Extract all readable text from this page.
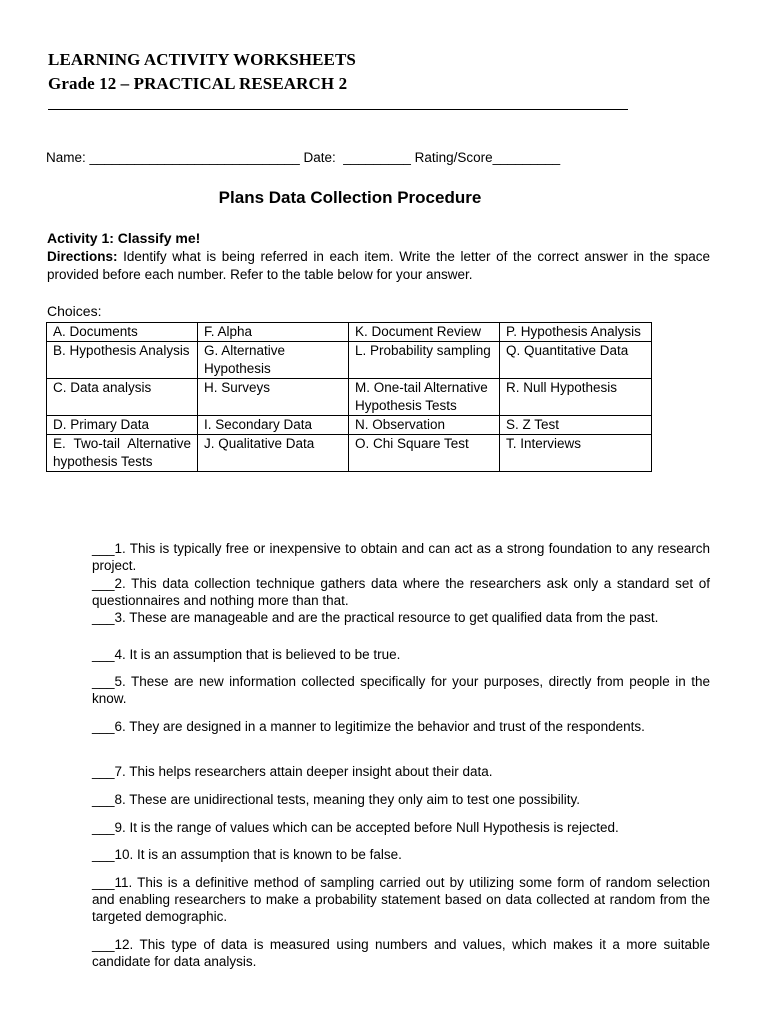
LEARNING ACTIVITY WORKSHEETS
Grade 12 – PRACTICAL RESEARCH 2
Name: ____________________________ Date:  _________ Rating/Score_________
Plans Data Collection Procedure
Activity 1: Classify me!
Directions: Identify what is being referred in each item. Write the letter of the correct answer in the space provided before each number. Refer to the table below for your answer.
Choices:
A. Documents	F. Alpha	K. Document Review	P. Hypothesis Analysis
B. Hypothesis Analysis	G. Alternative Hypothesis	L. Probability sampling	Q. Quantitative Data
C. Data analysis	H. Surveys	M. One-tail Alternative Hypothesis Tests	R. Null Hypothesis
D. Primary Data	I. Secondary Data	N. Observation	S. Z Test
E. Two-tail Alternative hypothesis Tests	J. Qualitative Data	O. Chi Square Test	T. Interviews
___1. This is typically free or inexpensive to obtain and can act as a strong foundation to any research project.
___2. This data collection technique gathers data where the researchers ask only a standard set of questionnaires and nothing more than that.
___3. These are manageable and are the practical resource to get qualified data from the past.
___4. It is an assumption that is believed to be true.
___5. These are new information collected specifically for your purposes, directly from people in the know.
___6. They are designed in a manner to legitimize the behavior and trust of the respondents.
___7. This helps researchers attain deeper insight about their data.
___8. These are unidirectional tests, meaning they only aim to test one possibility.
___9. It is the range of values which can be accepted before Null Hypothesis is rejected.
___10. It is an assumption that is known to be false.
___11. This is a definitive method of sampling carried out by utilizing some form of random selection and enabling researchers to make a probability statement based on data collected at random from the targeted demographic.
___12. This type of data is measured using numbers and values, which makes it a more suitable candidate for data analysis.
